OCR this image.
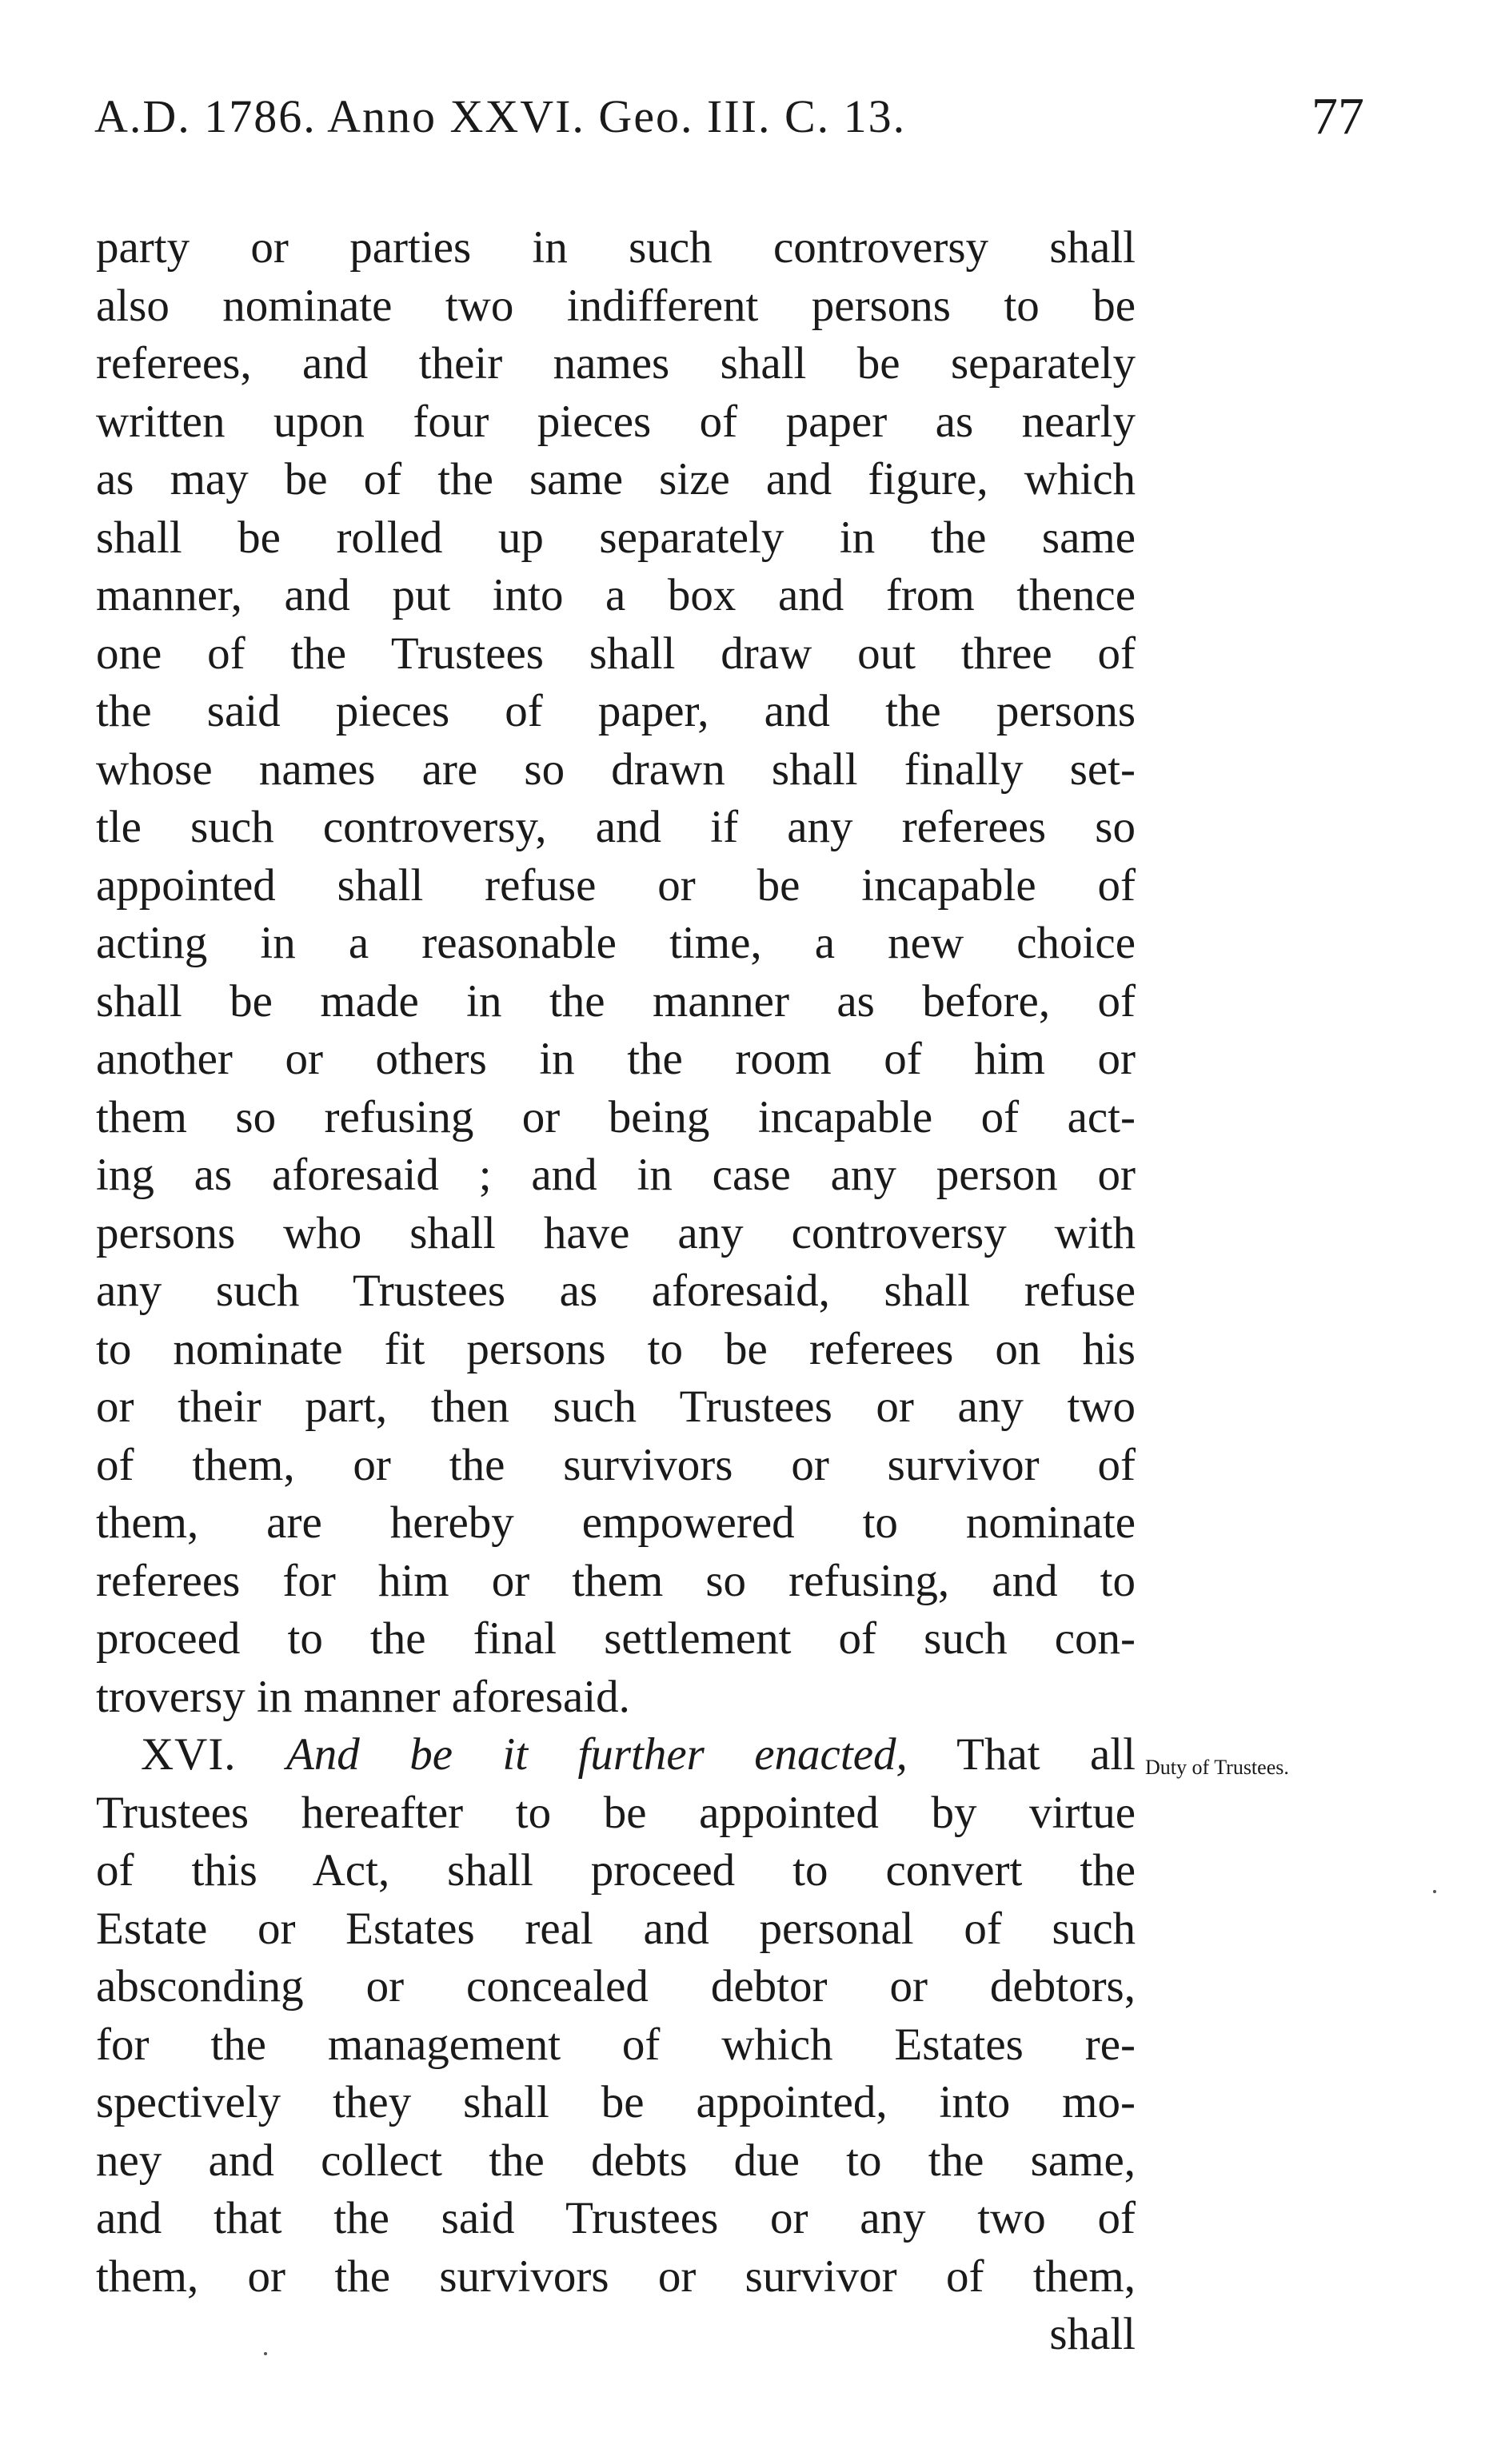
A.D. 1786. Anno XXVI. Geo. III. C. 13.	77
party or parties in such controversy shall
also nominate two indifferent persons to be
referees, and their names shall be separately
written upon four pieces of paper as nearly
as may be of the same size and figure, which
shall be rolled up separately in the same
manner, and put into a box and from thence
one of the Trustees shall draw out three of
the said pieces of paper, and the persons
whose names are so drawn shall finally set-
tle such controversy, and if any referees so
appointed shall refuse or be incapable of
acting in a reasonable time, a new choice
shall be made in the manner as before, of
another or others in the room of him or
them so refusing or being incapable of act-
ing as aforesaid ; and in case any person or
persons who shall have any controversy with
any such Trustees as aforesaid, shall refuse
to nominate fit persons to be referees on his
or their part, then such Trustees or any two
of them, or the survivors or survivor of
them, are hereby empowered to nominate
referees for him or them so refusing, and to
proceed to the final settlement of such con-
troversy in manner aforesaid.
XVI. And be it further enacted, That all
Trustees hereafter to be appointed by virtue
of this Act, shall proceed to convert the
Estate or Estates real and personal of such
absconding or concealed debtor or debtors,
for the management of which Estates re-
spectively they shall be appointed, into mo-
ney and collect the debts due to the same,
and that the said Trustees or any two of
them, or the survivors or survivor of them,
shall
Duty of Trustees.
